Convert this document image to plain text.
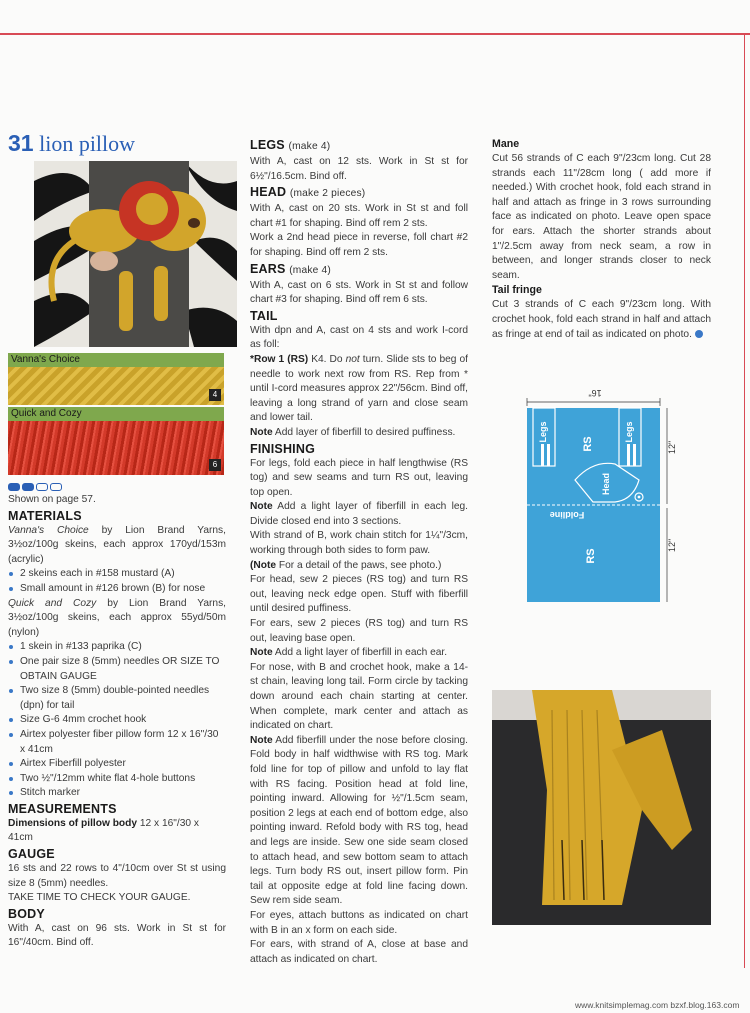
31 lion pillow
Vanna's Choice
4
Quick and Cozy
6

Shown on page 57.

MATERIALS

Vanna's Choice by Lion Brand Yarns, 3½oz/100g skeins, each approx 170yd/153m (acrylic)

2 skeins each in #158 mustard (A)
Small amount in #126 brown (B) for nose

Quick and Cozy by Lion Brand Yarns, 3½oz/100g skeins, each approx 55yd/50m (nylon)

1 skein in #133 paprika (C)
One pair size 8 (5mm) needles OR SIZE TO OBTAIN GAUGE
Two size 8 (5mm) double-pointed needles (dpn) for tail
Size G-6 4mm crochet hook
Airtex polyester fiber pillow form 12 x 16"/30 x 41cm
Airtex Fiberfill polyester
Two ½"/12mm white flat 4-hole buttons
Stitch marker
MEASUREMENTS

Dimensions of pillow body 12 x 16"/30 x 41cm

GAUGE

16 sts and 22 rows to 4"/10cm over St st using size 8 (5mm) needles.

TAKE TIME TO CHECK YOUR GAUGE.

BODY

With A, cast on 96 sts. Work in St st for 16"/40cm. Bind off.

LEGS (make 4)

With A, cast on 12 sts. Work in St st for 6½"/16.5cm. Bind off.

HEAD (make 2 pieces)

With A, cast on 20 sts. Work in St st and foll chart #1 for shaping. Bind off rem 2 sts.

Work a 2nd head piece in reverse, foll chart #2 for shaping. Bind off rem 2 sts.

EARS (make 4)

With A, cast on 6 sts. Work in St st and follow chart #3 for shaping. Bind off rem 6 sts.

TAIL

With dpn and A, cast on 4 sts and work I-cord as foll:

*Row 1 (RS) K4. Do not turn. Slide sts to beg of needle to work next row from RS. Rep from * until I-cord measures approx 22"/56cm. Bind off, leaving a long strand of yarn and close seam and lower tail.

Note Add layer of fiberfill to desired puffiness.

FINISHING

For legs, fold each piece in half lengthwise (RS tog) and sew seams and turn RS out, leaving top open.

Note Add a light layer of fiberfill in each leg. Divide closed end into 3 sections.

With strand of B, work chain stitch for 1¼"/3cm, working through both sides to form paw.

(Note For a detail of the paws, see photo.)

For head, sew 2 pieces (RS tog) and turn RS out, leaving neck edge open. Stuff with fiberfill until desired puffiness.

For ears, sew 2 pieces (RS tog) and turn RS out, leaving base open.

Note Add a light layer of fiberfill in each ear.

For nose, with B and crochet hook, make a 14-st chain, leaving long tail. Form circle by tacking down around each chain starting at center. When complete, mark center and attach as indicated on chart.

Note Add fiberfill under the nose before closing. Fold body in half widthwise with RS tog. Mark fold line for top of pillow and unfold to lay flat with RS facing. Position head at fold line, pointing inward. Allowing for ½"/1.5cm seam, position 2 legs at each end of bottom edge, also pointing inward. Refold body with RS tog, head and legs are inside. Sew one side seam closed to attach head, and sew bottom seam to attach legs. Turn body RS out, insert pillow form. Pin tail at opposite edge at fold line facing down. Sew rem side seam.

For eyes, attach buttons as indicated on chart with B in an x form on each side.

For ears, with strand of A, close at base and attach as indicated on chart.

Mane

Cut 56 strands of C each 9"/23cm long. Cut 28 strands each 11"/28cm long ( add more if needed.) With crochet hook, fold each strand in half and attach as fringe in 3 rows surrounding face as indicated on photo. Leave open space for ears. Attach the shorter strands about 1"/2.5cm away from neck seam, a row in between, and longer strands closer to neck seam.

Tail fringe

Cut 3 strands of C each 9"/23cm long. With crochet hook, fold each strand in half and attach as fringe at end of tail as indicated on photo.

16"
12"
12"
Legs	Legs
RS
Head
Foldline
RS
www.knitsimplemag.com bzxf.blog.163.com
